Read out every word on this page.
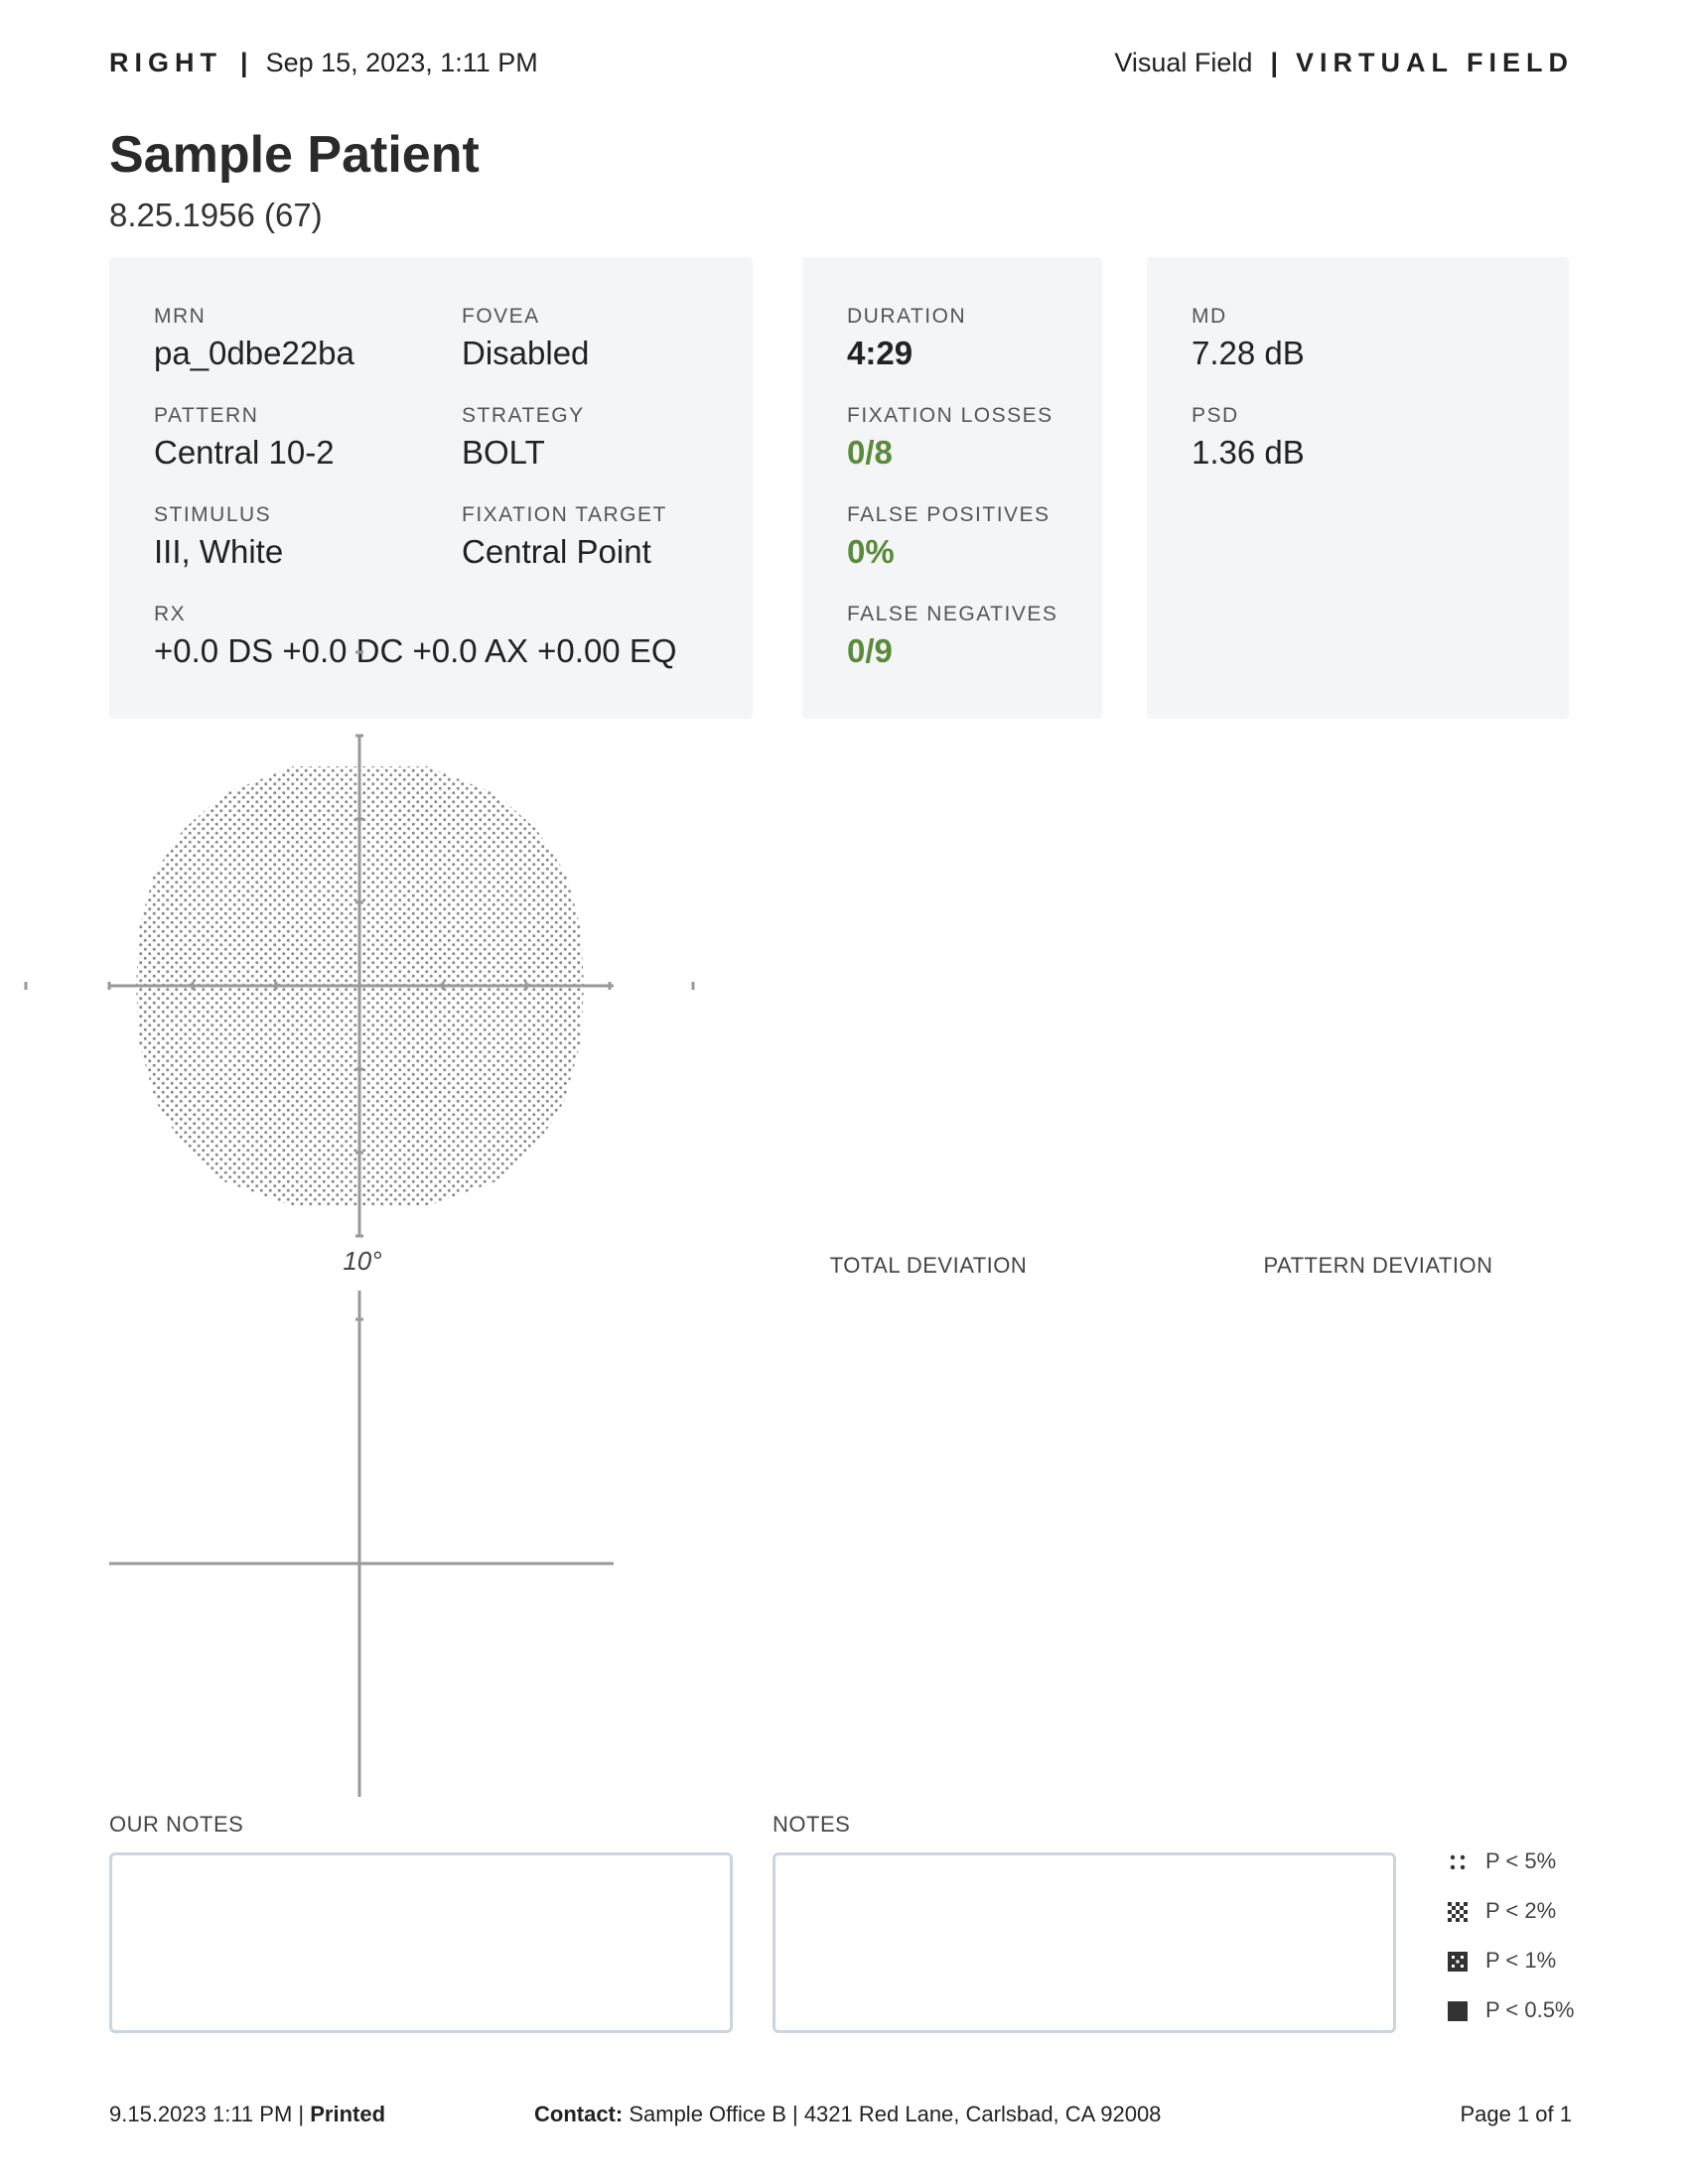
RIGHT | Sep 15, 2023, 1:11 PM	Visual Field | VIRTUAL FIELD
Sample Patient
8.25.1956 (67)
MRN
pa_0dbe22ba
FOVEA
Disabled
PATTERN
Central 10-2
STRATEGY
BOLT
STIMULUS
III, White
FIXATION TARGET
Central Point
RX
+0.0 DS +0.0 DC +0.0 AX +0.00 EQ
DURATION
4:29
FIXATION LOSSES
0/8
FALSE POSITIVES
0%
FALSE NEGATIVES
0/9
MD
7.28 dB
PSD
1.36 dB
10°	TOTAL DEVIATION	PATTERN DEVIATION
OUR NOTES	NOTES
P < 5%
P < 2%
P < 1%
P < 0.5%
9.15.2023 1:11 PM | Printed	Contact: Sample Office B | 4321 Red Lane, Carlsbad, CA 92008	Page 1 of 1
